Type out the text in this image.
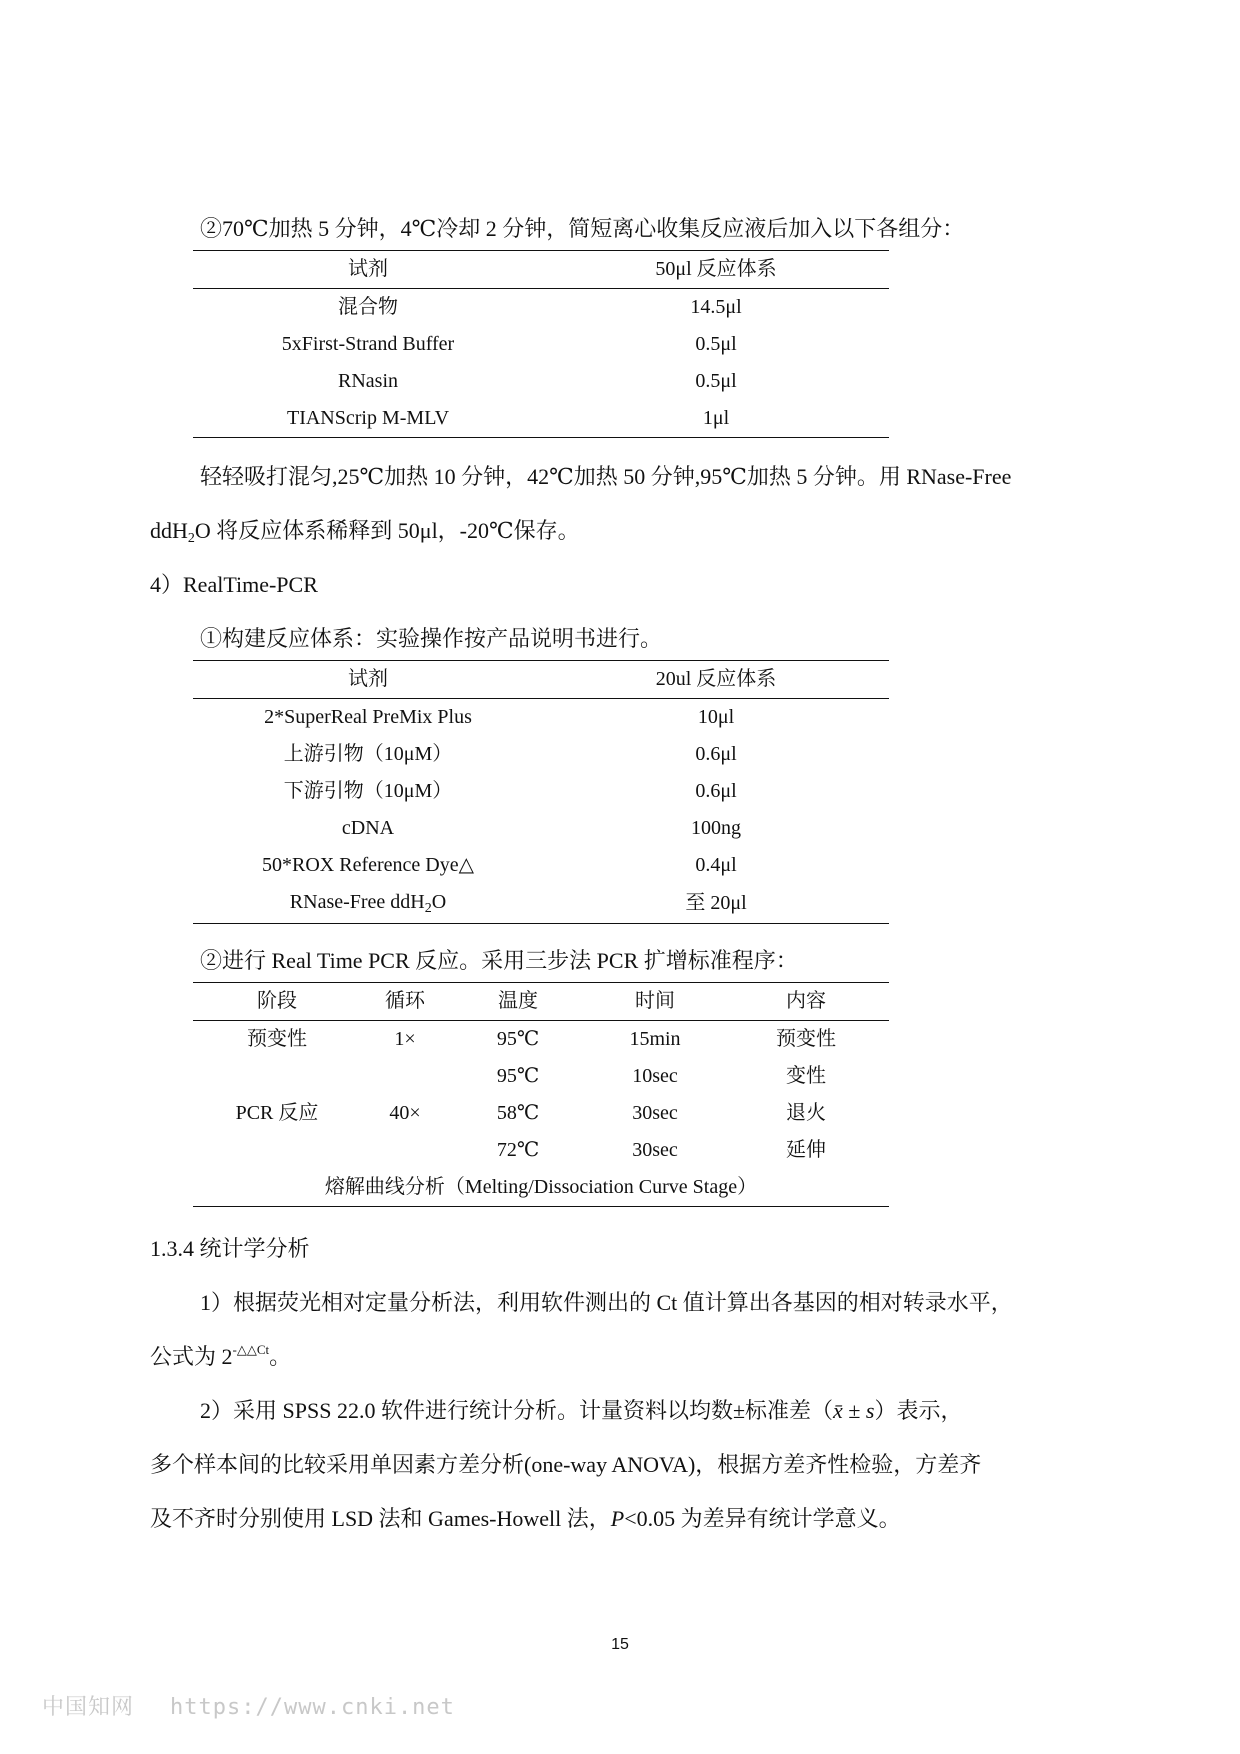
②70℃加热 5 分钟，4℃冷却 2 分钟，简短离心收集反应液后加入以下各组分：
试剂	50μl 反应体系
混合物	14.5μl
5xFirst-Strand Buffer	0.5μl
RNasin	0.5μl
TIANScrip M-MLV	1μl
轻轻吸打混匀,25℃加热 10 分钟，42℃加热 50 分钟,95℃加热 5 分钟。用 RNase-Free
ddH2O 将反应体系稀释到 50μl，-20℃保存。
4）RealTime-PCR
①构建反应体系：实验操作按产品说明书进行。
试剂	20ul 反应体系
2*SuperReal PreMix Plus	10μl
上游引物（10μM）	0.6μl
下游引物（10μM）	0.6μl
cDNA	100ng
50*ROX Reference Dye△	0.4μl
RNase-Free ddH$_2$O	至 20μl
②进行 Real Time PCR 反应。采用三步法 PCR 扩增标准程序：
阶段	循环	温度	时间	内容
预变性	1×	95℃	15min	预变性
PCR 反应	40×	95℃	10sec	变性
		58℃	30sec	退火
		72℃	30sec	延伸
熔解曲线分析（Melting/Dissociation Curve Stage）				
1.3.4 统计学分析
1）根据荧光相对定量分析法，利用软件测出的 Ct 值计算出各基因的相对转录水平，
公式为 $2^{-\triangle\triangle Ct}$。
2）采用 SPSS 22.0 软件进行统计分析。计量资料以均数±标准差（x̄ ± s）表示，
多个样本间的比较采用单因素方差分析(one-way ANOVA)，根据方差齐性检验，方差齐
及不齐时分别使用 LSD 法和 Games-Howell 法，P<0.05 为差异有统计学意义。
15
中国知网 https://www.cnki.net
